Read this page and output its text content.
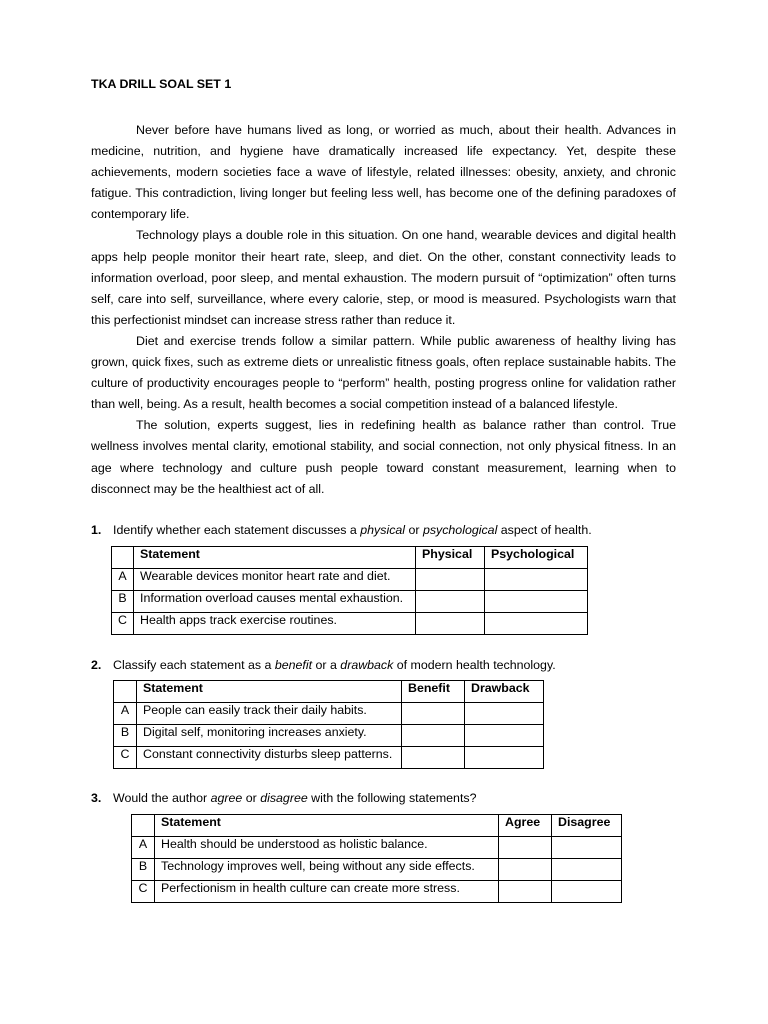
TKA DRILL SOAL SET 1

Never before have humans lived as long, or worried as much, about their health. Advances in medicine, nutrition, and hygiene have dramatically increased life expectancy. Yet, despite these achievements, modern societies face a wave of lifestyle, related illnesses: obesity, anxiety, and chronic fatigue. This contradiction, living longer but feeling less well, has become one of the defining paradoxes of contemporary life.

Technology plays a double role in this situation. On one hand, wearable devices and digital health apps help people monitor their heart rate, sleep, and diet. On the other, constant connectivity leads to information overload, poor sleep, and mental exhaustion. The modern pursuit of “optimization” often turns self, care into self, surveillance, where every calorie, step, or mood is measured. Psychologists warn that this perfectionist mindset can increase stress rather than reduce it.

Diet and exercise trends follow a similar pattern. While public awareness of healthy living has grown, quick fixes, such as extreme diets or unrealistic fitness goals, often replace sustainable habits. The culture of productivity encourages people to “perform” health, posting progress online for validation rather than well, being. As a result, health becomes a social competition instead of a balanced lifestyle.

The solution, experts suggest, lies in redefining health as balance rather than control. True wellness involves mental clarity, emotional stability, and social connection, not only physical fitness. In an age where technology and culture push people toward constant measurement, learning when to disconnect may be the healthiest act of all.

1. Identify whether each statement discusses a physical or psychological aspect of health.
	Statement	Physical	Psychological
A	Wearable devices monitor heart rate and diet.		
B	Information overload causes mental exhaustion.		
C	Health apps track exercise routines.		
2. Classify each statement as a benefit or a drawback of modern health technology.
	Statement	Benefit	Drawback
A	People can easily track their daily habits.		
B	Digital self, monitoring increases anxiety.		
C	Constant connectivity disturbs sleep patterns.		
3. Would the author agree or disagree with the following statements?
	Statement	Agree	Disagree
A	Health should be understood as holistic balance.		
B	Technology improves well, being without any side effects.		
C	Perfectionism in health culture can create more stress.		
